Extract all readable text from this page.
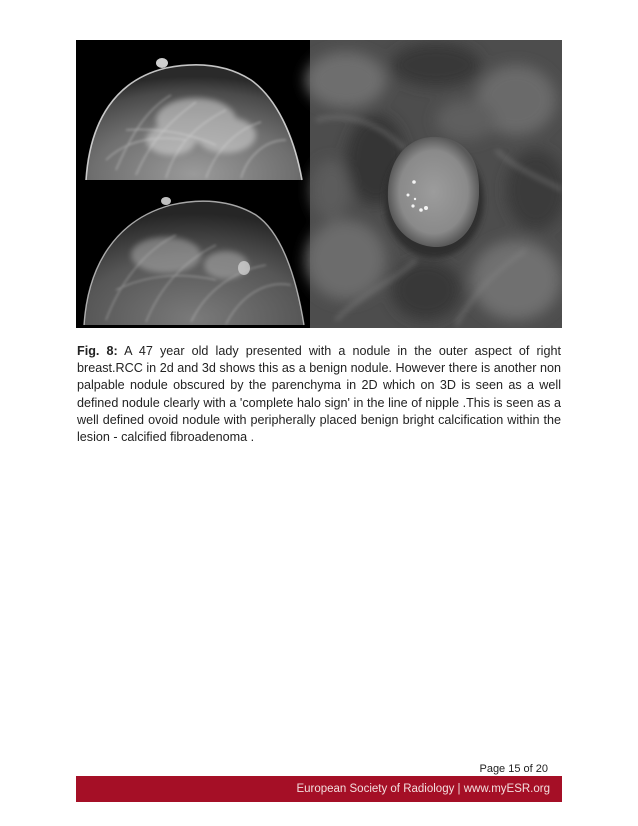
Fig. 8: A 47 year old lady presented with a nodule in the outer aspect of right breast.RCC in 2d and 3d shows this as a benign nodule. However there is another non palpable nodule obscured by the parenchyma in 2D which on 3D is seen as a well defined nodule clearly with a 'complete halo sign' in the line of nipple .This is seen as a well defined ovoid nodule with peripherally placed benign bright calcification within the lesion - calcified fibroadenoma .

Page 15 of 20
European Society of Radiology | www.myESR.org
